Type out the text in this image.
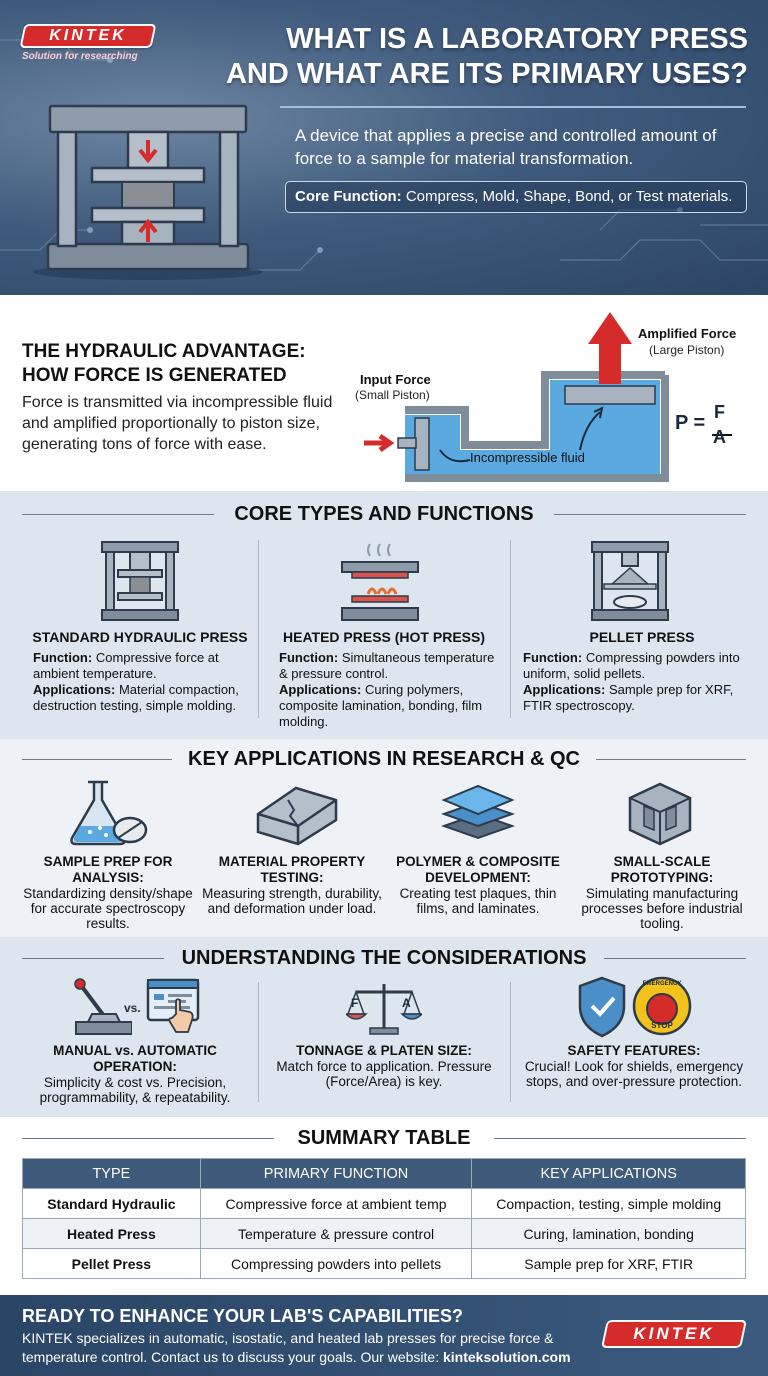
KINTEK
Solution for researching
WHAT IS A LABORATORY PRESS
AND WHAT ARE ITS PRIMARY USES?
A device that applies a precise and controlled amount of force to a sample for material transformation.
Core Function: Compress, Mold, Shape, Bond, or Test materials.
THE HYDRAULIC ADVANTAGE:
HOW FORCE IS GENERATED
Force is transmitted via incompressible fluid and amplified proportionally to piston size, generating tons of force with ease.
Input Force
(Small Piston)
Amplified Force
(Large Piston)
Incompressible fluid
P = F
A
CORE TYPES AND FUNCTIONS
STANDARD HYDRAULIC PRESS
Function: Compressive force at ambient temperature.
Applications: Material compaction, destruction testing, simple molding.
HEATED PRESS (HOT PRESS)
Function: Simultaneous temperature & pressure control.
Applications: Curing polymers, composite lamination, bonding, film molding.
PELLET PRESS
Function: Compressing powders into uniform, solid pellets.
Applications: Sample prep for XRF, FTIR spectroscopy.
KEY APPLICATIONS IN RESEARCH & QC
SAMPLE PREP FOR ANALYSIS:
Standardizing density/shape for accurate spectroscopy results.
MATERIAL PROPERTY TESTING:
Measuring strength, durability, and deformation under load.
POLYMER & COMPOSITE DEVELOPMENT:
Creating test plaques, thin films, and laminates.
SMALL-SCALE PROTOTYPING:
Simulating manufacturing processes before industrial tooling.
UNDERSTANDING THE CONSIDERATIONS
vs.	F	A
EMERGENCY
STOP
MANUAL vs. AUTOMATIC OPERATION:
Simplicity & cost vs. Precision, programmability, & repeatability.
TONNAGE & PLATEN SIZE:
Match force to application. Pressure (Force/Area) is key.
SAFETY FEATURES:
Crucial! Look for shields, emergency stops, and over-pressure protection.
SUMMARY TABLE
TYPE	PRIMARY FUNCTION	KEY APPLICATIONS
Standard Hydraulic	Compressive force at ambient temp	Compaction, testing, simple molding
Heated Press	Temperature & pressure control	Curing, lamination, bonding
Pellet Press	Compressing powders into pellets	Sample prep for XRF, FTIR
READY TO ENHANCE YOUR LAB'S CAPABILITIES?
KINTEK specializes in automatic, isostatic, and heated lab presses for precise force & temperature control. Contact us to discuss your goals. Our website: kinteksolution.com
KINTEK
